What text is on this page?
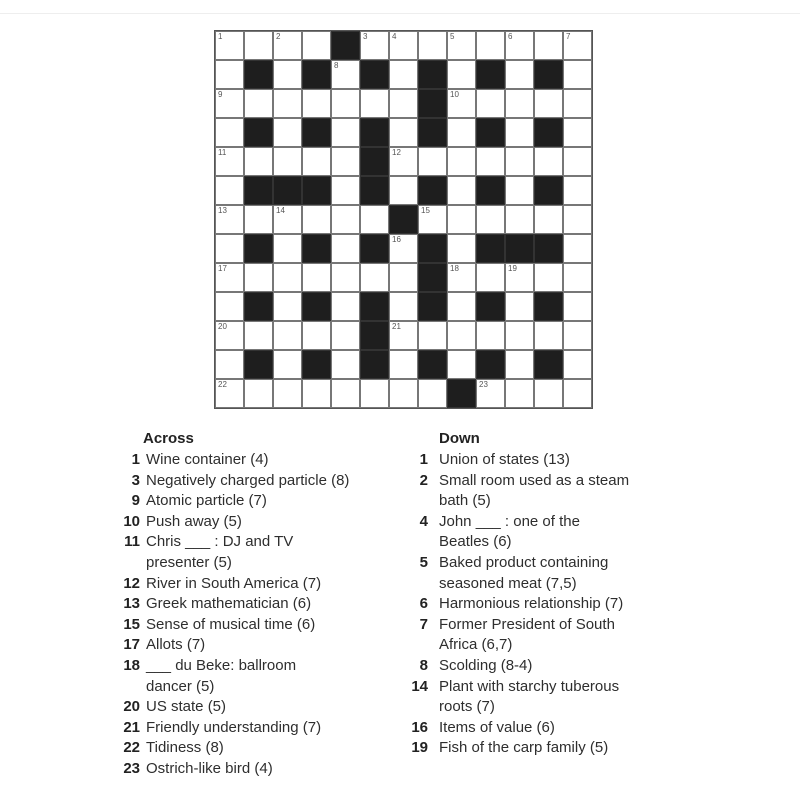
1	2	3	4	5	6	7
8
9	10
11	12
13	14	15
16
17	18	19
20	21
22	23
Across
1 Wine container (4)
3 Negatively charged particle (8)
9 Atomic particle (7)
10 Push away (5)
11 Chris ___ : DJ and TV
presenter (5)
12 River in South America (7)
13 Greek mathematician (6)
15 Sense of musical time (6)
17 Allots (7)
18 ___ du Beke: ballroom
dancer (5)
20 US state (5)
21 Friendly understanding (7)
22 Tidiness (8)
23 Ostrich-like bird (4)
Down
1 Union of states (13)
2 Small room used as a steam
bath (5)
4 John ___ : one of the
Beatles (6)
5 Baked product containing
seasoned meat (7,5)
6 Harmonious relationship (7)
7 Former President of South
Africa (6,7)
8 Scolding (8-4)
14 Plant with starchy tuberous
roots (7)
16 Items of value (6)
19 Fish of the carp family (5)
